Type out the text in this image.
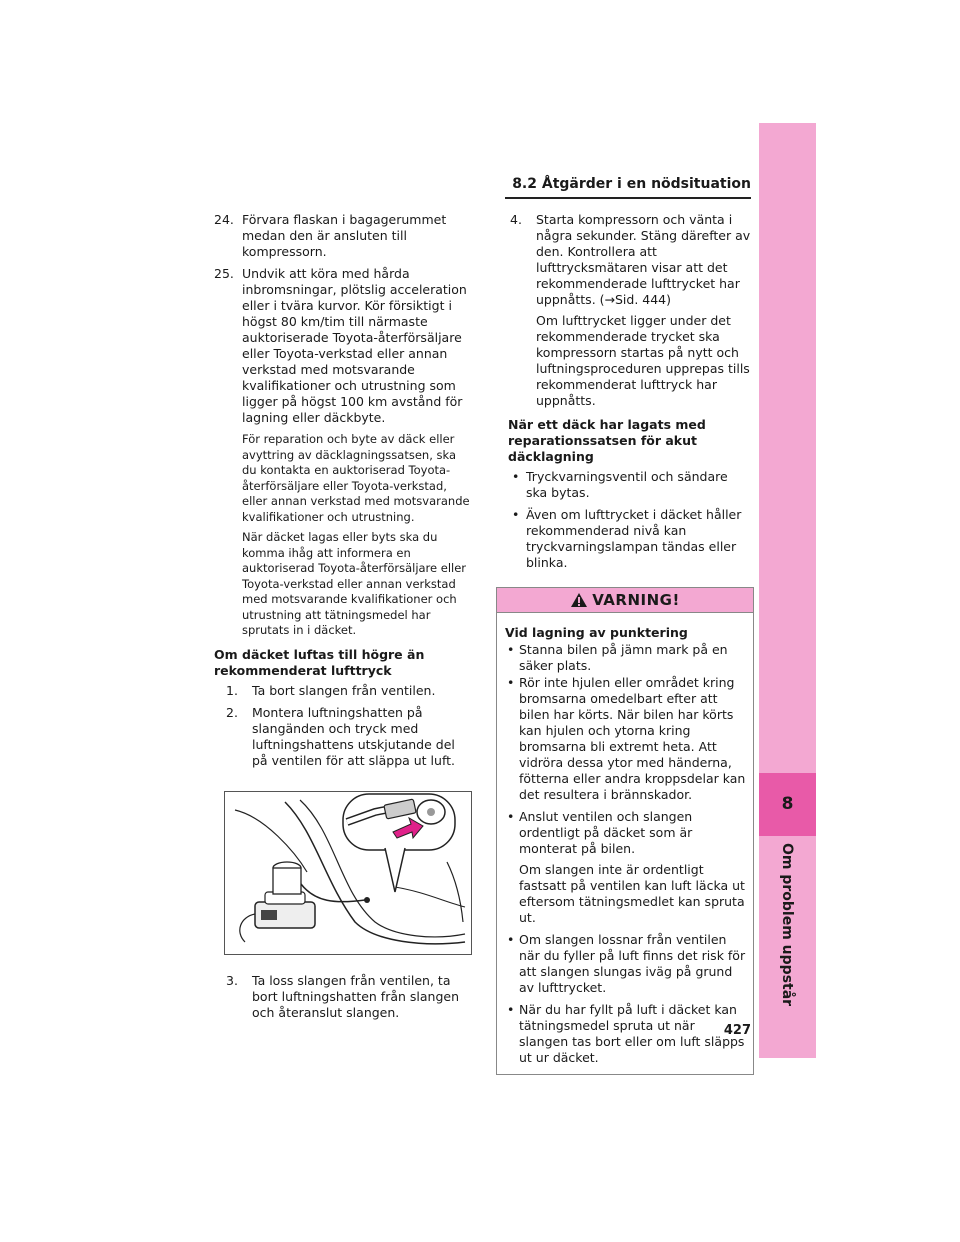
8.2 Åtgärder i en nödsituation
8
Om problem uppstår
427
24. Förvara flaskan i bagagerummet medan den är ansluten till kompressorn.

25. Undvik att köra med hårda inbromsningar, plötslig acceleration eller i tvära kurvor. Kör försiktigt i högst 80 km/tim till närmaste auktoriserade Toyota-återförsäljare eller Toyota-verkstad eller annan verkstad med motsvarande kvalifikationer och utrustning som ligger på högst 100 km avstånd för lagning eller däckbyte.

För reparation och byte av däck eller avyttring av däcklagningssatsen, ska du kontakta en auktoriserad Toyota-återförsäljare eller Toyota-verkstad, eller annan verkstad med motsvarande kvalifikationer och utrustning.

När däcket lagas eller byts ska du komma ihåg att informera en auktoriserad Toyota-återförsäljare eller Toyota-verkstad eller annan verkstad med motsvarande kvalifikationer och utrustning att tätningsmedel har sprutats in i däcket.

Om däcket luftas till högre än rekommenderat lufttryck
1. Ta bort slangen från ventilen.

2. Montera luftningshatten på slangänden och tryck med luftningshattens utskjutande del på ventilen för att släppa ut luft.

3. Ta loss slangen från ventilen, ta bort luftningshatten från slangen och återanslut slangen.

4. Starta kompressorn och vänta i några sekunder. Stäng därefter av den. Kontrollera att lufttrycksmätaren visar att det rekommenderade lufttrycket har uppnåtts. (→Sid. 444)

Om lufttrycket ligger under det rekommenderade trycket ska kompressorn startas på nytt och luftningsproceduren upprepas tills rekommenderat lufttryck har uppnåtts.

När ett däck har lagats med reparationssatsen för akut däcklagning
• Tryckvarningsventil och sändare ska bytas.

• Även om lufttrycket i däcket håller rekommenderad nivå kan tryckvarningslampan tändas eller blinka.

VARNING!
Vid lagning av punktering
• Stanna bilen på jämn mark på en säker plats.

• Rör inte hjulen eller området kring bromsarna omedelbart efter att bilen har körts. När bilen har körts kan hjulen och ytorna kring bromsarna bli extremt heta. Att vidröra dessa ytor med händerna, fötterna eller andra kroppsdelar kan det resultera i brännskador.

• Anslut ventilen och slangen ordentligt på däcket som är monterat på bilen.

Om slangen inte är ordentligt fastsatt på ventilen kan luft läcka ut eftersom tätningsmedlet kan spruta ut.

• Om slangen lossnar från ventilen när du fyller på luft finns det risk för att slangen slungas iväg på grund av lufttrycket.

• När du har fyllt på luft i däcket kan tätningsmedel spruta ut när slangen tas bort eller om luft släpps ut ur däcket.
